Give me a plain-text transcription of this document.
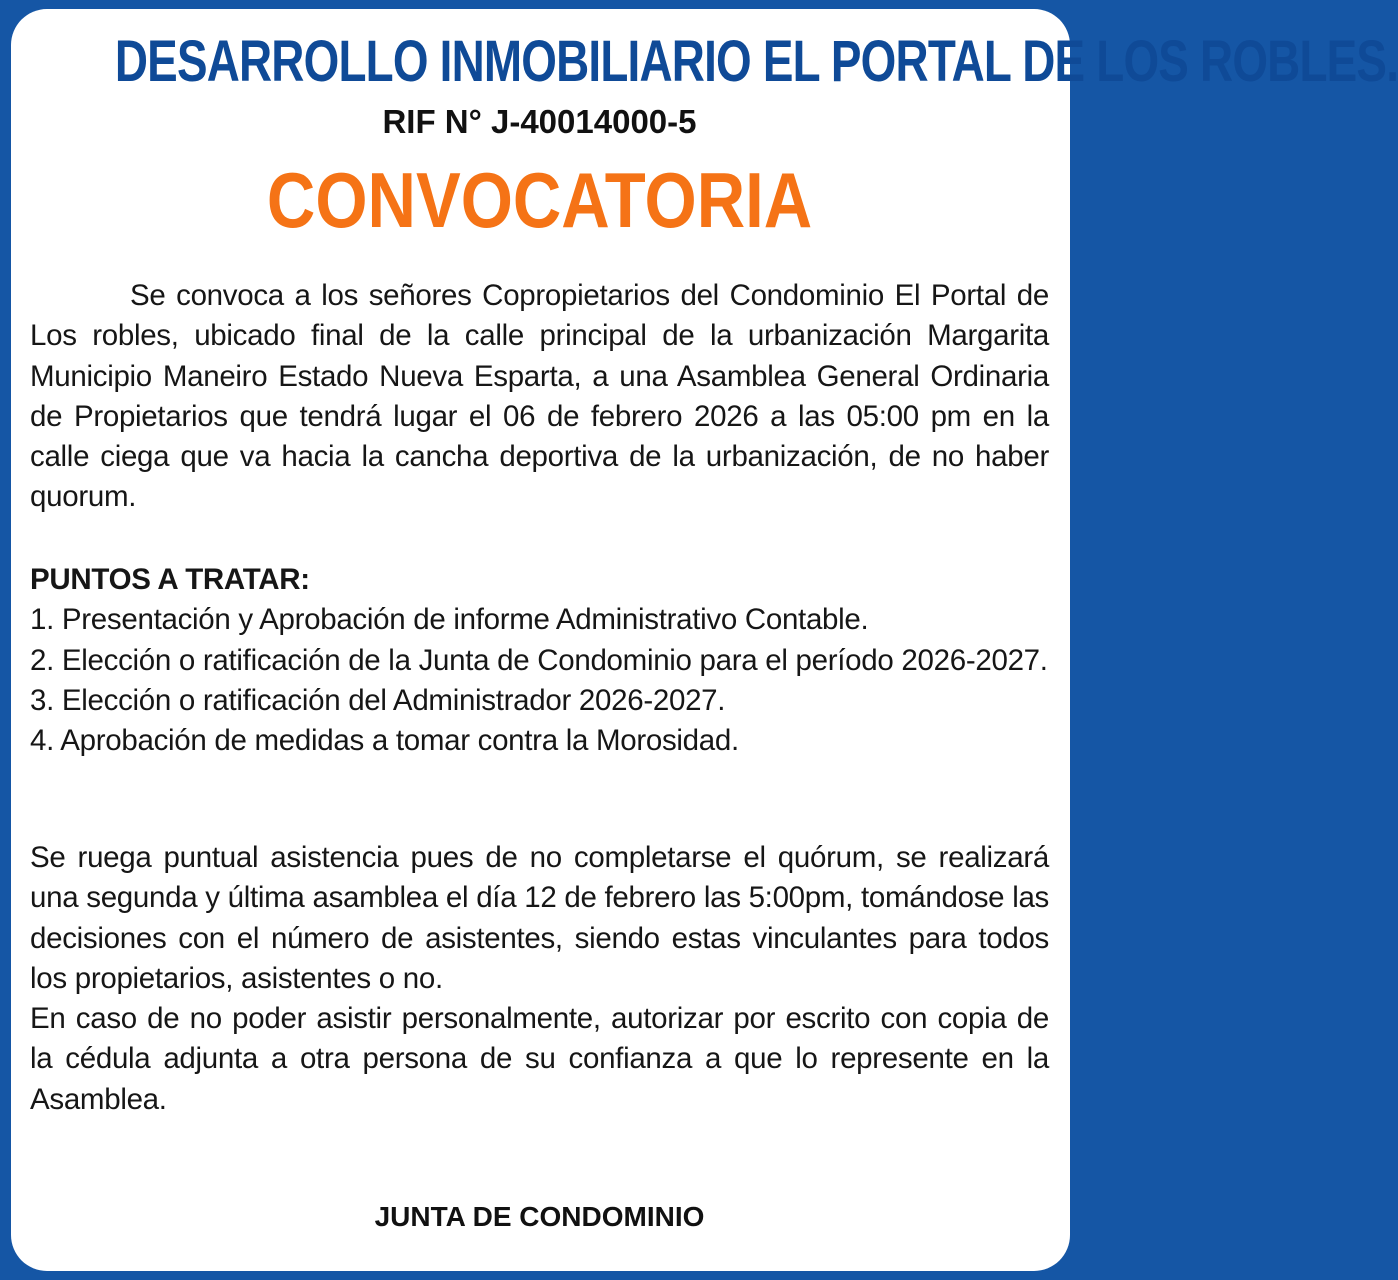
DESARROLLO INMOBILIARIO EL PORTAL DE LOS ROBLES.
RIF N° J-40014000-5
CONVOCATORIA

Se convoca a los señores Copropietarios del Condominio El Portal de Los robles, ubicado final de la calle principal de la urbanización Margarita Municipio Maneiro Estado Nueva Esparta, a una Asamblea General Ordinaria de Propietarios que tendrá lugar el 06 de febrero 2026 a las 05:00 pm en la calle ciega que va hacia la cancha deportiva de la urbanización, de no haber quorum.

PUNTOS A TRATAR:

1. Presentación y Aprobación de informe Administrativo Contable.

2. Elección o ratificación de la Junta de Condominio para el período 2026-2027.

3. Elección o ratificación del Administrador 2026-2027.

4. Aprobación de medidas a tomar contra la Morosidad.

Se ruega puntual asistencia pues de no completarse el quórum, se realizará una segunda y última asamblea el día 12 de febrero las 5:00pm, tomándose las decisiones con el número de asistentes, siendo estas vinculantes para todos los propietarios, asistentes o no.

En caso de no poder asistir personalmente, autorizar por escrito con copia de la cédula adjunta a otra persona de su confianza a que lo represente en la Asamblea.

JUNTA DE CONDOMINIO
